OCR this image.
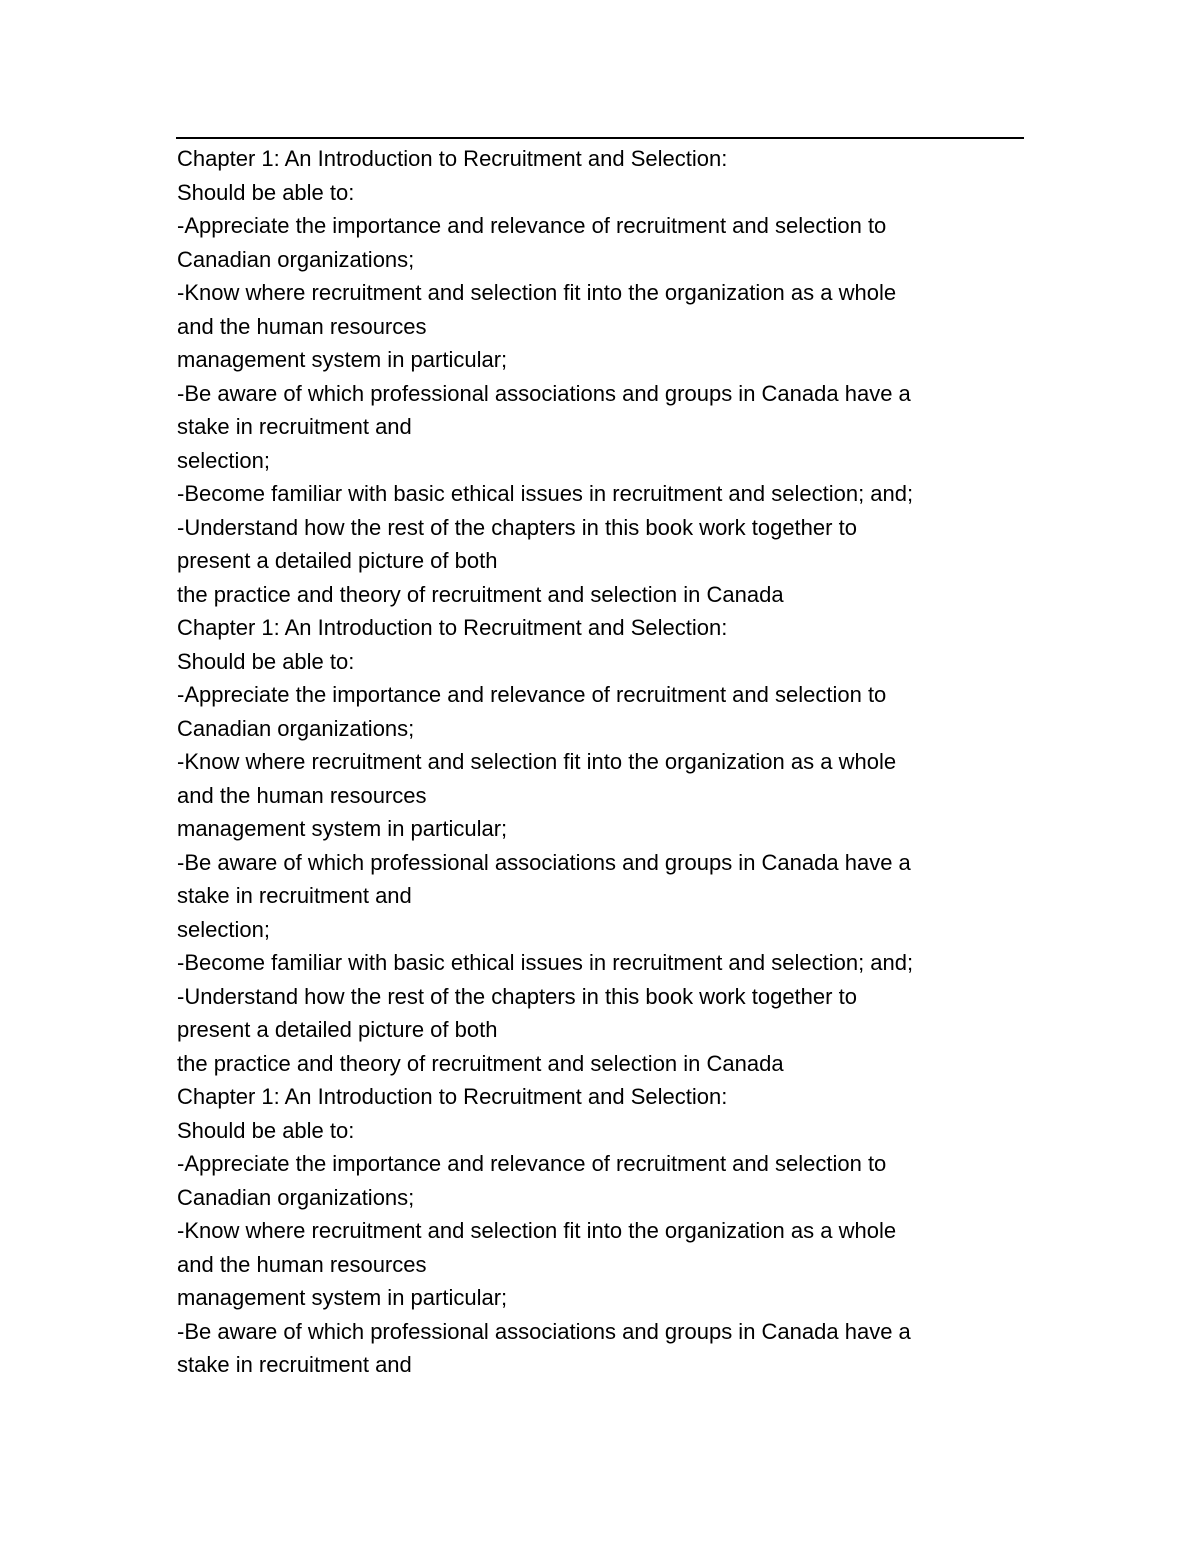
Chapter 1: An Introduction to Recruitment and Selection:
Should be able to:
-Appreciate the importance and relevance of recruitment and selection to
Canadian organizations;
-Know where recruitment and selection fit into the organization as a whole
and the human resources
management system in particular;
-Be aware of which professional associations and groups in Canada have a
stake in recruitment and
selection;
-Become familiar with basic ethical issues in recruitment and selection; and;
-Understand how the rest of the chapters in this book work together to
present a detailed picture of both
the practice and theory of recruitment and selection in Canada
Chapter 1: An Introduction to Recruitment and Selection:
Should be able to:
-Appreciate the importance and relevance of recruitment and selection to
Canadian organizations;
-Know where recruitment and selection fit into the organization as a whole
and the human resources
management system in particular;
-Be aware of which professional associations and groups in Canada have a
stake in recruitment and
selection;
-Become familiar with basic ethical issues in recruitment and selection; and;
-Understand how the rest of the chapters in this book work together to
present a detailed picture of both
the practice and theory of recruitment and selection in Canada
Chapter 1: An Introduction to Recruitment and Selection:
Should be able to:
-Appreciate the importance and relevance of recruitment and selection to
Canadian organizations;
-Know where recruitment and selection fit into the organization as a whole
and the human resources
management system in particular;
-Be aware of which professional associations and groups in Canada have a
stake in recruitment and
